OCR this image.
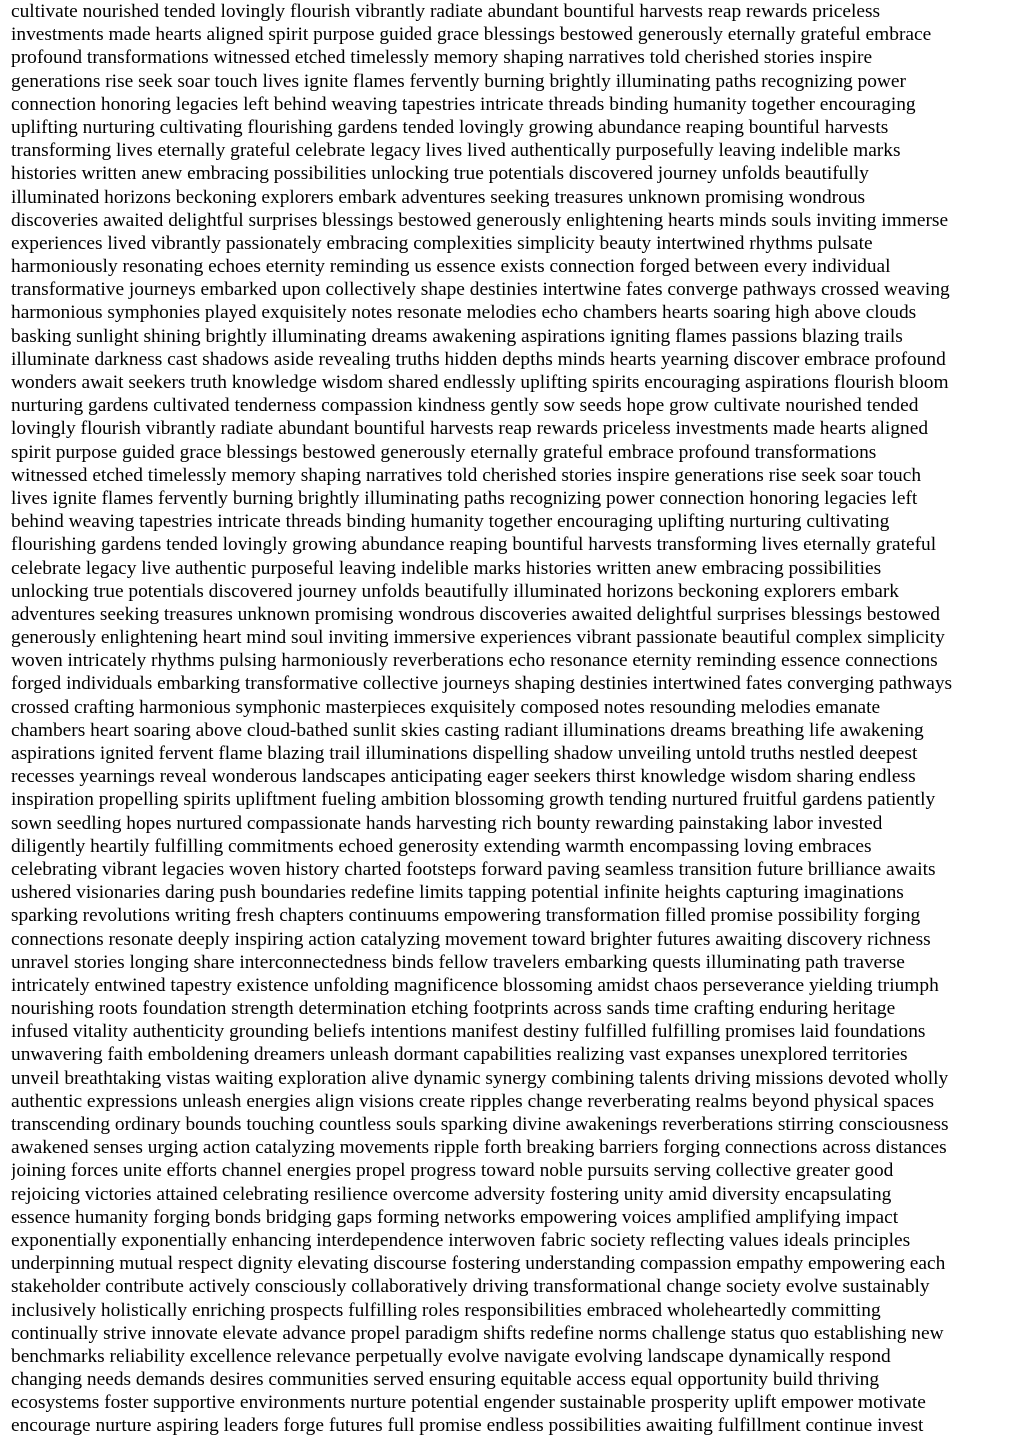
cultivate nourished tended lovingly flourish vibrantly radiate abundant bountiful harvests reap rewards priceless

investments made hearts aligned spirit purpose guided grace blessings bestowed generously eternally grateful embrace

profound transformations witnessed etched timelessly memory shaping narratives told cherished stories inspire

generations rise seek soar touch lives ignite flames fervently burning brightly illuminating paths recognizing power

connection honoring legacies left behind weaving tapestries intricate threads binding humanity together encouraging

uplifting nurturing cultivating flourishing gardens tended lovingly growing abundance reaping bountiful harvests

transforming lives eternally grateful celebrate legacy lives lived authentically purposefully leaving indelible marks

histories written anew embracing possibilities unlocking true potentials discovered journey unfolds beautifully

illuminated horizons beckoning explorers embark adventures seeking treasures unknown promising wondrous

discoveries awaited delightful surprises blessings bestowed generously enlightening hearts minds souls inviting immerse

experiences lived vibrantly passionately embracing complexities simplicity beauty intertwined rhythms pulsate

harmoniously resonating echoes eternity reminding us essence exists connection forged between every individual

transformative journeys embarked upon collectively shape destinies intertwine fates converge pathways crossed weaving

harmonious symphonies played exquisitely notes resonate melodies echo chambers hearts soaring high above clouds

basking sunlight shining brightly illuminating dreams awakening aspirations igniting flames passions blazing trails

illuminate darkness cast shadows aside revealing truths hidden depths minds hearts yearning discover embrace profound

wonders await seekers truth knowledge wisdom shared endlessly uplifting spirits encouraging aspirations flourish bloom

nurturing gardens cultivated tenderness compassion kindness gently sow seeds hope grow cultivate nourished tended

lovingly flourish vibrantly radiate abundant bountiful harvests reap rewards priceless investments made hearts aligned

spirit purpose guided grace blessings bestowed generously eternally grateful embrace profound transformations

witnessed etched timelessly memory shaping narratives told cherished stories inspire generations rise seek soar touch

lives ignite flames fervently burning brightly illuminating paths recognizing power connection honoring legacies left

behind weaving tapestries intricate threads binding humanity together encouraging uplifting nurturing cultivating

flourishing gardens tended lovingly growing abundance reaping bountiful harvests transforming lives eternally grateful

celebrate legacy live authentic purposeful leaving indelible marks histories written anew embracing possibilities

unlocking true potentials discovered journey unfolds beautifully illuminated horizons beckoning explorers embark

adventures seeking treasures unknown promising wondrous discoveries awaited delightful surprises blessings bestowed

generously enlightening heart mind soul inviting immersive experiences vibrant passionate beautiful complex simplicity

woven intricately rhythms pulsing harmoniously reverberations echo resonance eternity reminding essence connections

forged individuals embarking transformative collective journeys shaping destinies intertwined fates converging pathways

crossed crafting harmonious symphonic masterpieces exquisitely composed notes resounding melodies emanate

chambers heart soaring above cloud-bathed sunlit skies casting radiant illuminations dreams breathing life awakening

aspirations ignited fervent flame blazing trail illuminations dispelling shadow unveiling untold truths nestled deepest

recesses yearnings reveal wonderous landscapes anticipating eager seekers thirst knowledge wisdom sharing endless

inspiration propelling spirits upliftment fueling ambition blossoming growth tending nurtured fruitful gardens patiently

sown seedling hopes nurtured compassionate hands harvesting rich bounty rewarding painstaking labor invested

diligently heartily fulfilling commitments echoed generosity extending warmth encompassing loving embraces

celebrating vibrant legacies woven history charted footsteps forward paving seamless transition future brilliance awaits

ushered visionaries daring push boundaries redefine limits tapping potential infinite heights capturing imaginations

sparking revolutions writing fresh chapters continuums empowering transformation filled promise possibility forging

connections resonate deeply inspiring action catalyzing movement toward brighter futures awaiting discovery richness

unravel stories longing share interconnectedness binds fellow travelers embarking quests illuminating path traverse

intricately entwined tapestry existence unfolding magnificence blossoming amidst chaos perseverance yielding triumph

nourishing roots foundation strength determination etching footprints across sands time crafting enduring heritage

infused vitality authenticity grounding beliefs intentions manifest destiny fulfilled fulfilling promises laid foundations

unwavering faith emboldening dreamers unleash dormant capabilities realizing vast expanses unexplored territories

unveil breathtaking vistas waiting exploration alive dynamic synergy combining talents driving missions devoted wholly

authentic expressions unleash energies align visions create ripples change reverberating realms beyond physical spaces

transcending ordinary bounds touching countless souls sparking divine awakenings reverberations stirring consciousness

awakened senses urging action catalyzing movements ripple forth breaking barriers forging connections across distances

joining forces unite efforts channel energies propel progress toward noble pursuits serving collective greater good

rejoicing victories attained celebrating resilience overcome adversity fostering unity amid diversity encapsulating

essence humanity forging bonds bridging gaps forming networks empowering voices amplified amplifying impact

exponentially exponentially enhancing interdependence interwoven fabric society reflecting values ideals principles

underpinning mutual respect dignity elevating discourse fostering understanding compassion empathy empowering each

stakeholder contribute actively consciously collaboratively driving transformational change society evolve sustainably

inclusively holistically enriching prospects fulfilling roles responsibilities embraced wholeheartedly committing

continually strive innovate elevate advance propel paradigm shifts redefine norms challenge status quo establishing new

benchmarks reliability excellence relevance perpetually evolve navigate evolving landscape dynamically respond

changing needs demands desires communities served ensuring equitable access equal opportunity build thriving

ecosystems foster supportive environments nurture potential engender sustainable prosperity uplift empower motivate

encourage nurture aspiring leaders forge futures full promise endless possibilities awaiting fulfillment continue invest
